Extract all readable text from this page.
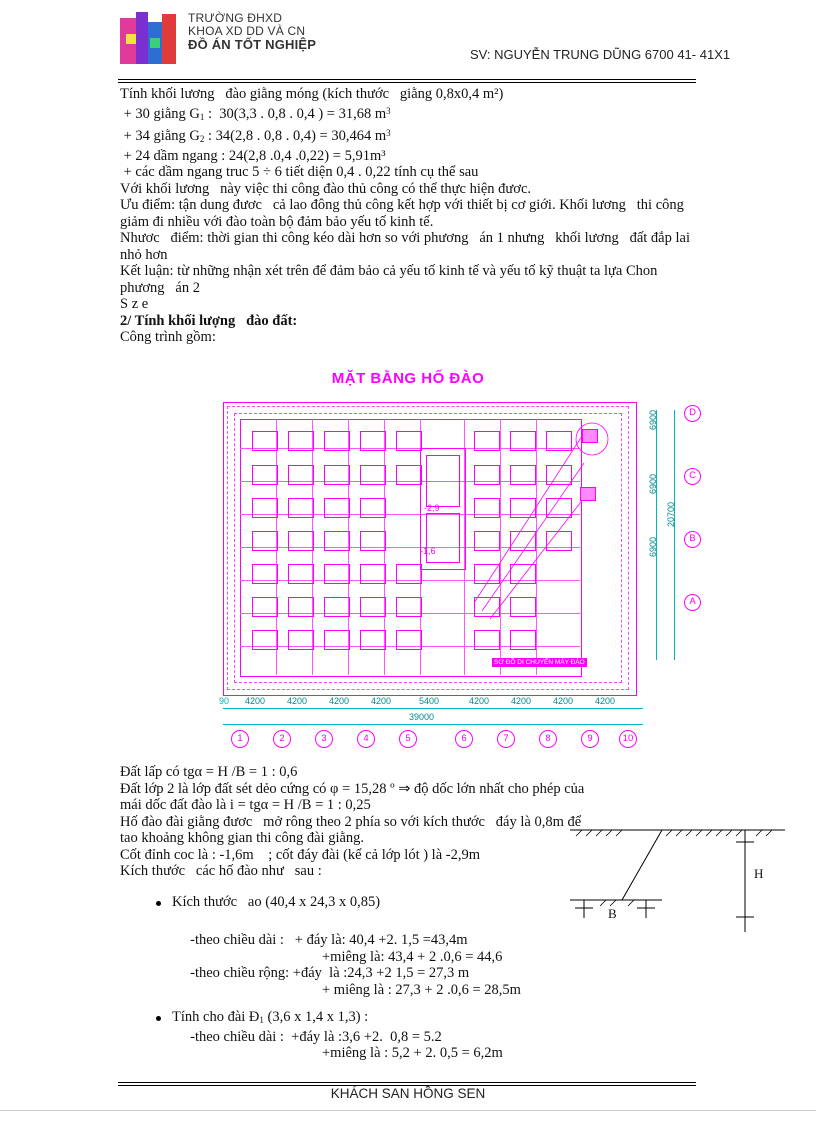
TRƯỜNG ĐHXD
KHOA XD DD VÀ CN
ĐỒ ÁN TỐT NGHIỆP
SV: NGUYỄN TRUNG DŨNG 6700 41- 41X1

Tính khối lương   đào giằng móng (kích thước   giằng 0,8x0,4 m²)

+ 30 giằng $G_1$ :  30(3,3 . 0,8 . 0,4 ) = 31,68 $m^3$

+ 34 giằng $G_2$ : 34(2,8 . 0,8 . 0,4) = 30,464 $m^3$

+ 24 dầm ngang : 24(2,8 .0,4 .0,22) = 5,91m³

+ các dầm ngang truc 5 ÷ 6 tiết diện 0,4 . 0,22 tính cụ thể sau

Với khối lương   này việc thi công đào thủ công có thể thực hiện đươc.

Ưu điểm: tận dung đươc   cả lao đông thủ công kết hợp với thiết bị cơ giới. Khối lương   thi công giảm đi nhiều với đào toàn bộ đảm bảo yếu tố kinh tế.

Nhươc   điểm: thời gian thi công kéo dài hơn so với phương   án 1 nhưng   khối lương   đất đắp lai nhỏ hơn

Kết luận: từ những nhận xét trên để đảm bảo cả yếu tố kinh tế và yếu tố kỹ thuật ta lựa Chon phương   án 2

S z e

2/ Tính khối lượng   đào đất:

Công trình gồm:

MẶT BẰNG HỐ ĐÀO
-2,9
-1,6
SƠ ĐỒ DI CHUYỂN MÁY ĐÀO
D
C
B
A
6900
6900
6900
20700
90 4200 4200 4200 4200	5400	4200 4200 4200 4200
39000
1	2	3	4	5	6	7	8	9	10

Đất lấp có tgα = H /B = 1 : 0,6

Đất lớp 2 là lớp đất sét dẻo cứng có φ = 15,28 º ⇒ độ dốc lớn nhất cho phép của mái dốc đất đào là i = tgα = H /B = 1 : 0,25

Hố đào đài giằng đươc   mở rông theo 2 phía so với kích thước   đáy là 0,8m để tao khoảng không gian thi công đài giằng.

Cốt đỉnh coc là : -1,6m    ; cốt đáy đài (kể cả lớp lót ) là -2,9m

Kích thước   các hố đào như   sau :

Kích thước   ao (40,4 x 24,3 x 0,85)

-theo chiều dài :   + đáy là: 40,4 +2. 1,5 =43,4m

+miêng là: 43,4 + 2 .0,6 = 44,6

-theo chiều rộng: +đáy  là :24,3 +2 1,5 = 27,3 m

+ miêng là : 27,3 + 2 .0,6 = 28,5m

Tính cho đài $Đ_1$ (3,6 x 1,4 x 1,3) :

-theo chiều dài :  +đáy là :3,6 +2.  0,8 = 5.2

+miêng là : 5,2 + 2. 0,5 = 6,2m

H
B
KHÁCH SAN HỒNG SEN
